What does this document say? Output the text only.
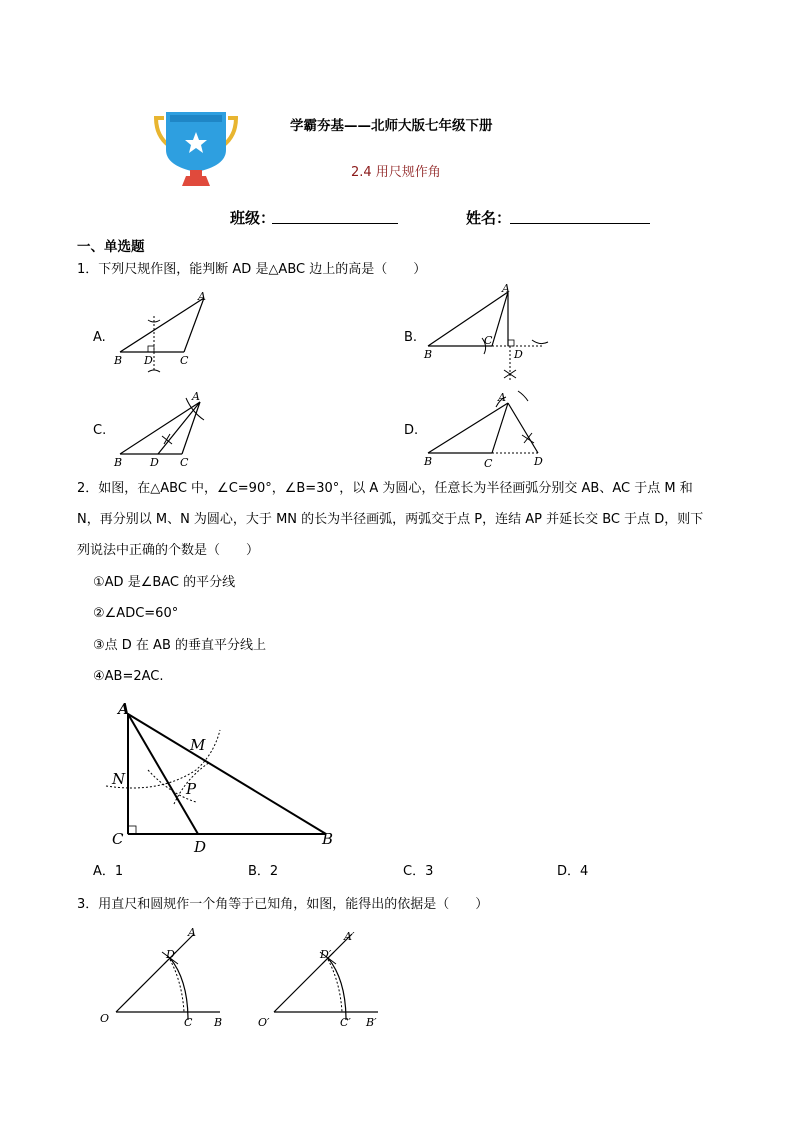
学霸夯基——北师大版七年级下册
2.4 用尺规作角
班级：	姓名：
一、单选题
1．下列尺规作图，能判断 AD 是△ABC 边上的高是（　　）
A.
A
B D C
B.
A
B
C
D
C.
A
B	D C
D.
A
B	C	D
2．如图，在△ABC 中，∠C=90°，∠B=30°，以 A 为圆心，任意长为半径画弧分别交 AB、AC 于点 M 和
N，再分别以 M、N 为圆心，大于 MN 的长为半径画弧，两弧交于点 P，连结 AP 并延长交 BC 于点 D，则下
列说法中正确的个数是（　　）
①AD 是∠BAC 的平分线
②∠ADC=60°
③点 D 在 AB 的垂直平分线上
④AB=2AC.
A
M
N
P
C	D	B
A．1	B．2	C．3	D．4
3．用直尺和圆规作一个角等于已知角，如图，能得出的依据是（　　）
A
D
O	C B
A′
D′
O′	C′ B′
